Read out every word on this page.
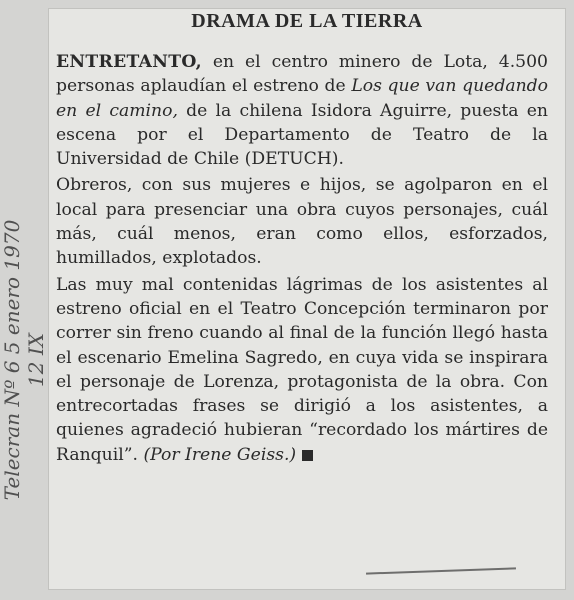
DRAMA DE LA TIERRA

ENTRETANTO, en el centro minero de Lota, 4.500 personas aplaudían el estreno de Los que van quedando en el camino, de la chilena Isidora Aguirre, puesta en escena por el Departamento de Teatro de la Universidad de Chile (DETUCH).

Obreros, con sus mujeres e hijos, se agolparon en el local para presenciar una obra cuyos personajes, cuál más, cuál menos, eran como ellos, esforzados, humillados, explotados.

Las muy mal contenidas lágrimas de los asistentes al estreno oficial en el Teatro Concepción terminaron por correr sin freno cuando al final de la función llegó hasta el escenario Emelina Sagredo, en cuya vida se inspirara el personaje de Lorenza, protagonista de la obra. Con entrecortadas frases se dirigió a los asistentes, a quienes agradeció hubieran “recordado los mártires de Ranquil”. (Por Irene Geiss.)

Telecran Nº 6 5 enero 1970 12 IX
